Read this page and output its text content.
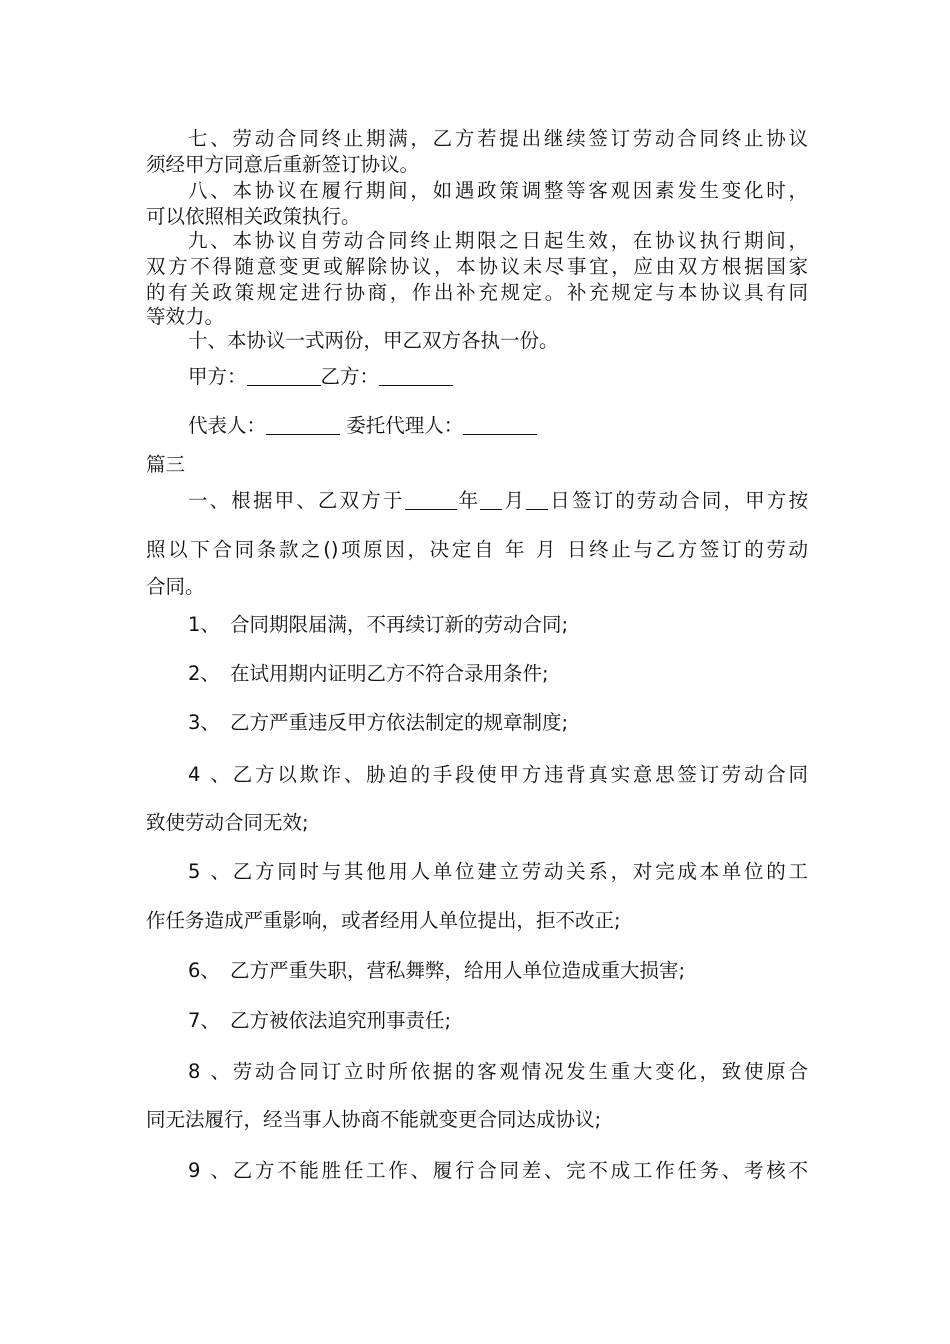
七、劳动合同终止期满，乙方若提出继续签订劳动合同终止协议
须经甲方同意后重新签订协议。
八、本协议在履行期间，如遇政策调整等客观因素发生变化时，
可以依照相关政策执行。
九、本协议自劳动合同终止期限之日起生效，在协议执行期间，
双方不得随意变更或解除协议，本协议未尽事宜，应由双方根据国家
的有关政策规定进行协商，作出补充规定。补充规定与本协议具有同
等效力。
十、本协议一式两份，甲乙双方各执一份。
甲方：	乙方：
代表人：	委托代理人：
篇三
一、根据甲、乙双方于	年 月 日签订的劳动合同，甲方按
照以下合同条款之()项原因，决定自 年 月 日终止与乙方签订的劳动
合同。
1、 合同期限届满，不再续订新的劳动合同;
2、 在试用期内证明乙方不符合录用条件;
3、 乙方严重违反甲方依法制定的规章制度;
4、乙方以欺诈、胁迫的手段使甲方违背真实意思签订劳动合同
致使劳动合同无效;
5、乙方同时与其他用人单位建立劳动关系，对完成本单位的工
作任务造成严重影响，或者经用人单位提出，拒不改正;
6、 乙方严重失职，营私舞弊，给用人单位造成重大损害;
7、 乙方被依法追究刑事责任;
8、劳动合同订立时所依据的客观情况发生重大变化，致使原合
同无法履行，经当事人协商不能就变更合同达成协议;
9、乙方不能胜任工作、履行合同差、完不成工作任务、考核不
